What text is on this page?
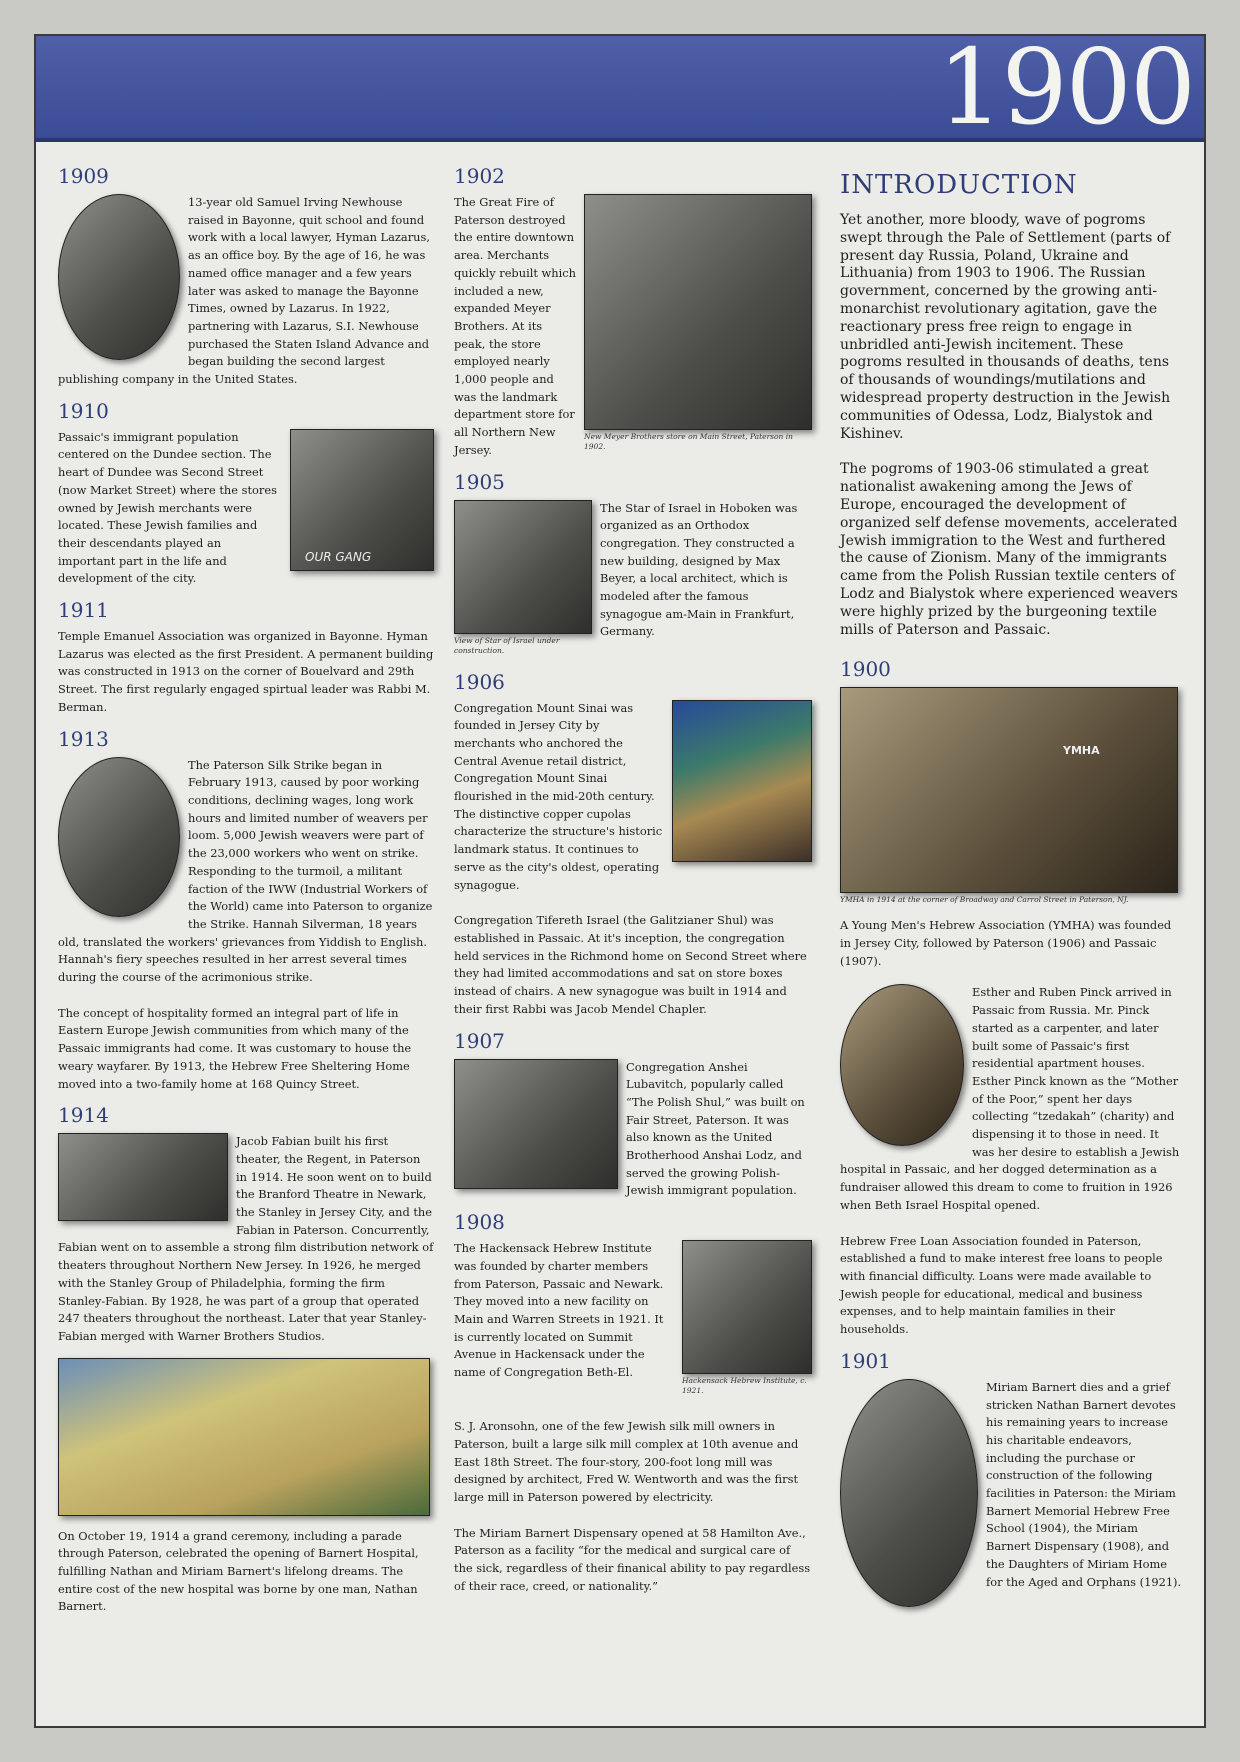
1900
1909
13-year old Samuel Irving Newhouse raised in Bayonne, quit school and found work with a local lawyer, Hyman Lazarus, as an office boy. By the age of 16, he was named office manager and a few years later was asked to manage the Bayonne Times, owned by Lazarus. In 1922, partnering with Lazarus, S.I. Newhouse purchased the Staten Island Advance and began building the second largest publishing company in the United States.
1910
OUR GANG
Passaic's immigrant population centered on the Dundee section. The heart of Dundee was Second Street (now Market Street) where the stores owned by Jewish merchants were located. These Jewish families and their descendants played an important part in the life and development of the city.
1911
Temple Emanuel Association was organized in Bayonne. Hyman Lazarus was elected as the first President. A permanent building was constructed in 1913 on the corner of Bouelvard and 29th Street. The first regularly engaged spirtual leader was Rabbi M. Berman.
1913
The Paterson Silk Strike began in February 1913, caused by poor working conditions, declining wages, long work hours and limited number of weavers per loom. 5,000 Jewish weavers were part of the 23,000 workers who went on strike. Responding to the turmoil, a militant faction of the IWW (Industrial Workers of the World) came into Paterson to organize the Strike. Hannah Silverman, 18 years old, translated the workers' grievances from Yiddish to English. Hannah's fiery speeches resulted in her arrest several times during the course of the acrimonious strike.
The concept of hospitality formed an integral part of life in Eastern Europe Jewish communities from which many of the Passaic immigrants had come. It was customary to house the weary wayfarer. By 1913, the Hebrew Free Sheltering Home moved into a two-family home at 168 Quincy Street.
1914
Jacob Fabian built his first theater, the Regent, in Paterson in 1914. He soon went on to build the Branford Theatre in Newark, the Stanley in Jersey City, and the Fabian in Paterson. Concurrently, Fabian went on to assemble a strong film distribution network of theaters throughout Northern New Jersey. In 1926, he merged with the Stanley Group of Philadelphia, forming the firm Stanley-Fabian. By 1928, he was part of a group that operated 247 theaters throughout the northeast. Later that year Stanley-Fabian merged with Warner Brothers Studios.
On October 19, 1914 a grand ceremony, including a parade through Paterson, celebrated the opening of Barnert Hospital, fulfilling Nathan and Miriam Barnert's lifelong dreams. The entire cost of the new hospital was borne by one man, Nathan Barnert.
1902
New Meyer Brothers store on Main Street, Paterson in 1902.
The Great Fire of Paterson destroyed the entire downtown area. Merchants quickly rebuilt which included a new, expanded Meyer Brothers. At its peak, the store employed nearly 1,000 people and was the landmark department store for all Northern New Jersey.
1905
View of Star of Israel under construction.
The Star of Israel in Hoboken was organized as an Orthodox congregation. They constructed a new building, designed by Max Beyer, a local architect, which is modeled after the famous synagogue am-Main in Frankfurt, Germany.
1906
Congregation Mount Sinai was founded in Jersey City by merchants who anchored the Central Avenue retail district, Congregation Mount Sinai flourished in the mid-20th century. The distinctive copper cupolas characterize the structure's historic landmark status. It continues to serve as the city's oldest, operating synagogue.
Congregation Tifereth Israel (the Galitzianer Shul) was established in Passaic. At it's inception, the congregation held services in the Richmond home on Second Street where they had limited accommodations and sat on store boxes instead of chairs. A new synagogue was built in 1914 and their first Rabbi was Jacob Mendel Chapler.
1907
Congregation Anshei Lubavitch, popularly called “The Polish Shul,” was built on Fair Street, Paterson. It was also known as the United Brotherhood Anshai Lodz, and served the growing Polish-Jewish immigrant population.
1908
Hackensack Hebrew Institute, c. 1921.
The Hackensack Hebrew Institute was founded by charter members from Paterson, Passaic and Newark. They moved into a new facility on Main and Warren Streets in 1921. It is currently located on Summit Avenue in Hackensack under the name of Congregation Beth-El.
S. J. Aronsohn, one of the few Jewish silk mill owners in Paterson, built a large silk mill complex at 10th avenue and East 18th Street. The four-story, 200-foot long mill was designed by architect, Fred W. Wentworth and was the first large mill in Paterson powered by electricity.
The Miriam Barnert Dispensary opened at 58 Hamilton Ave., Paterson as a facility “for the medical and surgical care of the sick, regardless of their finanical ability to pay regardless of their race, creed, or nationality.”
INTRODUCTION

Yet another, more bloody, wave of pogroms swept through the Pale of Settlement (parts of present day Russia, Poland, Ukraine and Lithuania) from 1903 to 1906. The Russian government, concerned by the growing anti-monarchist revolutionary agitation, gave the reactionary press free reign to engage in unbridled anti-Jewish incitement. These pogroms resulted in thousands of deaths, tens of thousands of woundings/mutilations and widespread property destruction in the Jewish communities of Odessa, Lodz, Bialystok and Kishinev.

The pogroms of 1903-06 stimulated a great nationalist awakening among the Jews of Europe, encouraged the development of organized self defense movements, accelerated Jewish immigration to the West and furthered the cause of Zionism. Many of the immigrants came from the Polish Russian textile centers of Lodz and Bialystok where experienced weavers were highly prized by the burgeoning textile mills of Paterson and Passaic.

1900
YMHA
YMHA in 1914 at the corner of Broadway and Carrol Street in Paterson, NJ.
A Young Men's Hebrew Association (YMHA) was founded in Jersey City, followed by Paterson (1906) and Passaic (1907).
Esther and Ruben Pinck arrived in Passaic from Russia. Mr. Pinck started as a carpenter, and later built some of Passaic's first residential apartment houses. Esther Pinck known as the “Mother of the Poor,” spent her days collecting “tzedakah” (charity) and dispensing it to those in need. It was her desire to establish a Jewish hospital in Passaic, and her dogged determination as a fundraiser allowed this dream to come to fruition in 1926 when Beth Israel Hospital opened.
Hebrew Free Loan Association founded in Paterson, established a fund to make interest free loans to people with financial difficulty. Loans were made available to Jewish people for educational, medical and business expenses, and to help maintain families in their households.
1901
Miriam Barnert dies and a grief stricken Nathan Barnert devotes his remaining years to increase his charitable endeavors, including the purchase or construction of the following facilities in Paterson: the Miriam Barnert Memorial Hebrew Free School (1904), the Miriam Barnert Dispensary (1908), and the Daughters of Miriam Home for the Aged and Orphans (1921).
